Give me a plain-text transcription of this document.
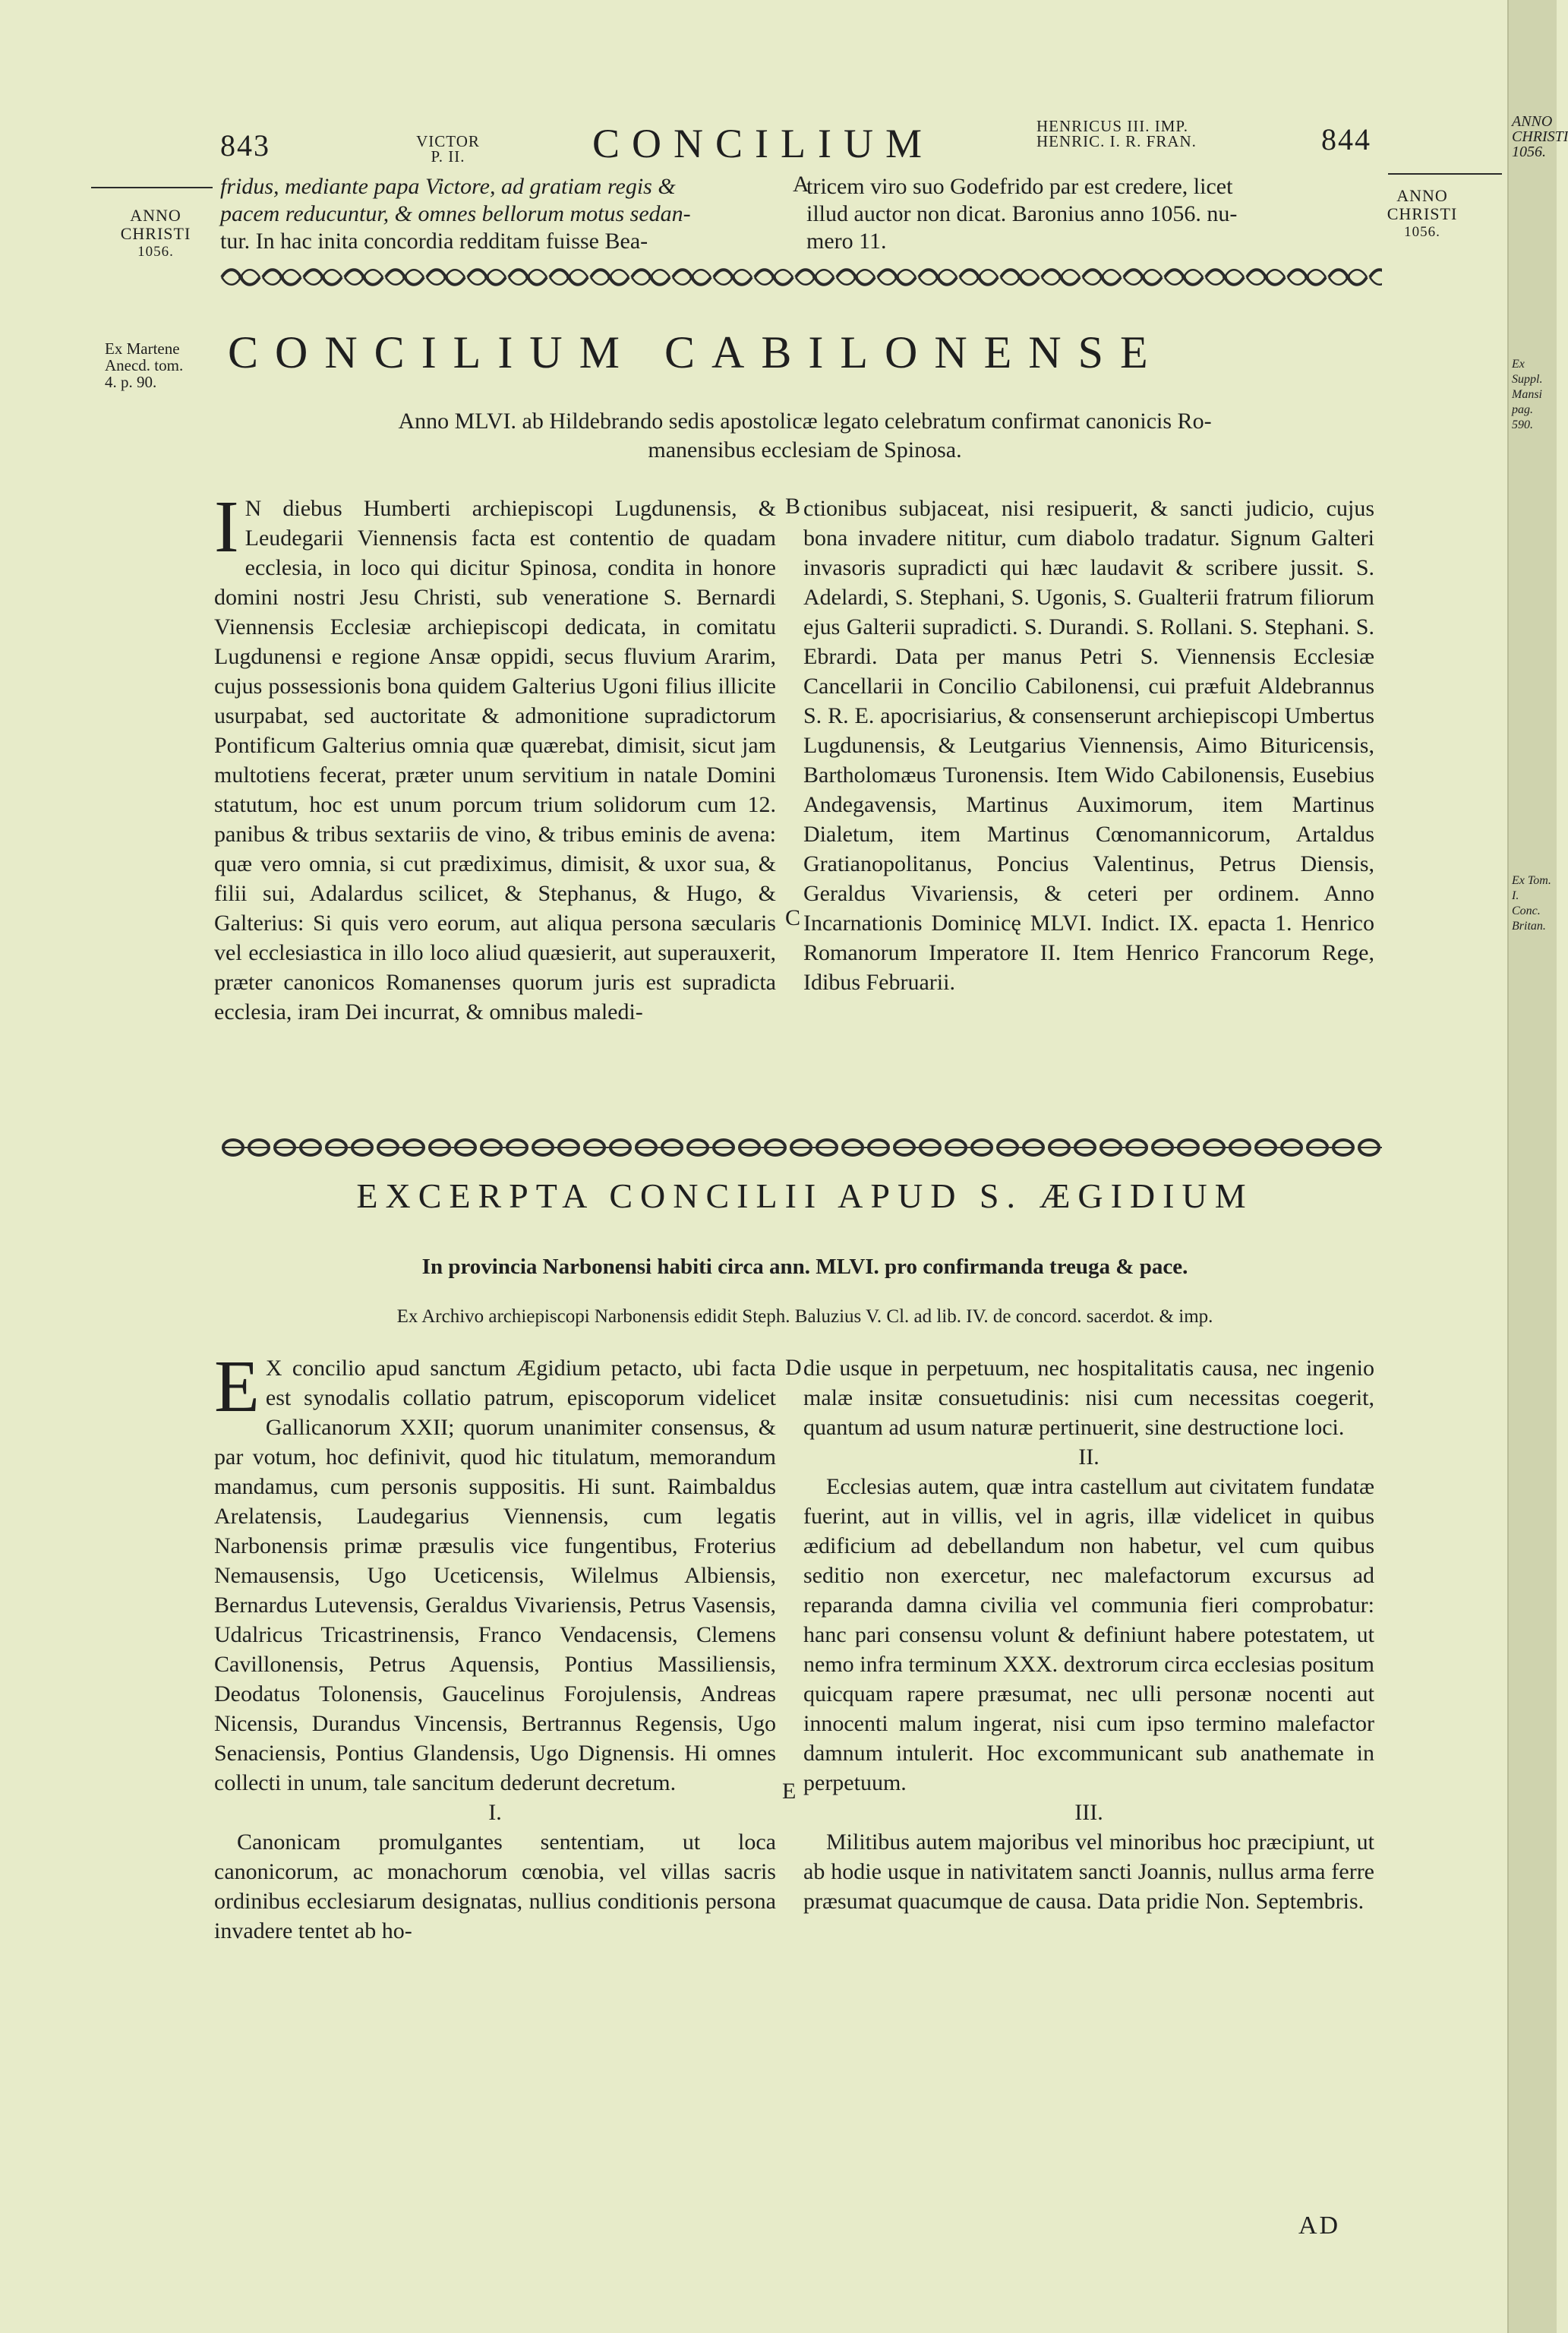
843	VICTOR
P. II.	CONCILIUM	HENRICUS III. IMP.
HENRIC. I. R. FRAN.	844
ANNO
CHRISTI
1056.
ANNO
CHRISTI
1056.
fridus, mediante papa Victore, ad gratiam regis &
pacem reducuntur, & omnes bellorum motus sedan-
tur. In hac inita concordia redditam fuisse Bea-
A
tricem viro suo Godefrido par est credere, licet
illud auctor non dicat. Baronius anno 1056. nu-
mero 11.
Ex Martene
Anecd. tom.
4. p. 90.
CONCILIUM CABILONENSE
Anno MLVI. ab Hildebrando sedis apostolicæ legato celebratum confirmat canonicis Ro-
manensibus ecclesiam de Spinosa.
I N diebus Humberti archiepiscopi Lugdunensis, & Leudegarii Viennensis facta est contentio de quadam ecclesia, in loco qui dicitur Spinosa, condita in honore domini nostri Jesu Christi, sub veneratione S. Bernardi Viennensis Ecclesiæ archiepiscopi dedicata, in comitatu Lugdunensi e regione Ansæ oppidi, secus fluvium Ararim, cujus possessionis bona quidem Galterius Ugoni filius illicite usurpabat, sed auctoritate & admonitione supradictorum Pontificum Galterius omnia quæ quærebat, dimisit, sicut jam multotiens fecerat, præter unum servitium in natale Domini statutum, hoc est unum porcum trium solidorum cum 12. panibus & tribus sextariis de vino, & tribus eminis de avena: quæ vero omnia, si cut prædiximus, dimisit, & uxor sua, & filii sui, Adalardus scilicet, & Stephanus, & Hugo, & Galterius: Si quis vero eorum, aut aliqua persona sæcularis vel ecclesiastica in illo loco aliud quæsierit, aut superauxerit, præter canonicos Romanenses quorum juris est supradicta ecclesia, iram Dei incurrat, & omnibus maledi-

B
C

ctionibus subjaceat, nisi resipuerit, & sancti judicio, cujus bona invadere nititur, cum diabolo tradatur. Signum Galteri invasoris supradicti qui hæc laudavit & scribere jussit. S. Adelardi, S. Stephani, S. Ugonis, S. Gualterii fratrum filiorum ejus Galterii supradicti. S. Durandi. S. Rollani. S. Stephani. S. Ebrardi. Data per manus Petri S. Viennensis Ecclesiæ Cancellarii in Concilio Cabilonensi, cui præfuit Aldebrannus S. R. E. apocrisiarius, & consenserunt archiepiscopi Umbertus Lugdunensis, & Leutgarius Viennensis, Aimo Bituricensis, Bartholomæus Turonensis. Item Wido Cabilonensis, Eusebius Andegavensis, Martinus Auximorum, item Martinus Dialetum, item Martinus Cœnomannicorum, Artaldus Gratianopolitanus, Poncius Valentinus, Petrus Diensis, Geraldus Vivariensis, & ceteri per ordinem. Anno Incarnationis Dominicę MLVI. Indict. IX. epacta 1. Henrico Romanorum Imperatore II. Item Henrico Francorum Rege, Idibus Februarii.

EXCERPTA CONCILII APUD S. ÆGIDIUM
In provincia Narbonensi habiti circa ann. MLVI. pro confirmanda treuga & pace.
Ex Archivo archiepiscopi Narbonensis edidit Steph. Baluzius V. Cl. ad lib. IV. de concord. sacerdot. & imp.
E X concilio apud sanctum Ægidium petacto, ubi facta est synodalis collatio patrum, episcoporum videlicet Gallicanorum XXII; quorum unanimiter consensus, & par votum, hoc definivit, quod hic titulatum, memorandum mandamus, cum personis suppositis. Hi sunt. Raimbaldus Arelatensis, Laudegarius Viennensis, cum legatis Narbonensis primæ præsulis vice fungentibus, Froterius Nemausensis, Ugo Uceticensis, Wilelmus Albiensis, Bernardus Lutevensis, Geraldus Vivariensis, Petrus Vasensis, Udalricus Tricastrinensis, Franco Vendacensis, Clemens Cavillonensis, Petrus Aquensis, Pontius Massiliensis, Deodatus Tolonensis, Gaucelinus Forojulensis, Andreas Nicensis, Durandus Vincensis, Bertrannus Regensis, Ugo Senaciensis, Pontius Glandensis, Ugo Dignensis. Hi omnes collecti in unum, tale sancitum dederunt decretum.

I.

Canonicam promulgantes sententiam, ut loca canonicorum, ac monachorum cœnobia, vel villas sacris ordinibus ecclesiarum designatas, nullius conditionis persona invadere tentet ab ho-

D
E

die usque in perpetuum, nec hospitalitatis causa, nec ingenio malæ insitæ consuetudinis: nisi cum necessitas coegerit, quantum ad usum naturæ pertinuerit, sine destructione loci.

II.

Ecclesias autem, quæ intra castellum aut civitatem fundatæ fuerint, aut in villis, vel in agris, illæ videlicet in quibus ædificium ad debellandum non habetur, vel cum quibus seditio non exercetur, nec malefactorum excursus ad reparanda damna civilia vel communia fieri comprobatur: hanc pari consensu volunt & definiunt habere potestatem, ut nemo infra terminum XXX. dextrorum circa ecclesias positum quicquam rapere præsumat, nec ulli personæ nocenti aut innocenti malum ingerat, nisi cum ipso termino malefactor damnum intulerit. Hoc excommunicant sub anathemate in perpetuum.

III.

Militibus autem majoribus vel minoribus hoc præcipiunt, ut ab hodie usque in nativitatem sancti Joannis, nullus arma ferre præsumat quacumque de causa. Data pridie Non. Septembris.

AD
ANNO
CHRISTI
1056.
Ex Suppl.
Mansi pag.
590.
Ex Tom. I.
Conc. Britan.
